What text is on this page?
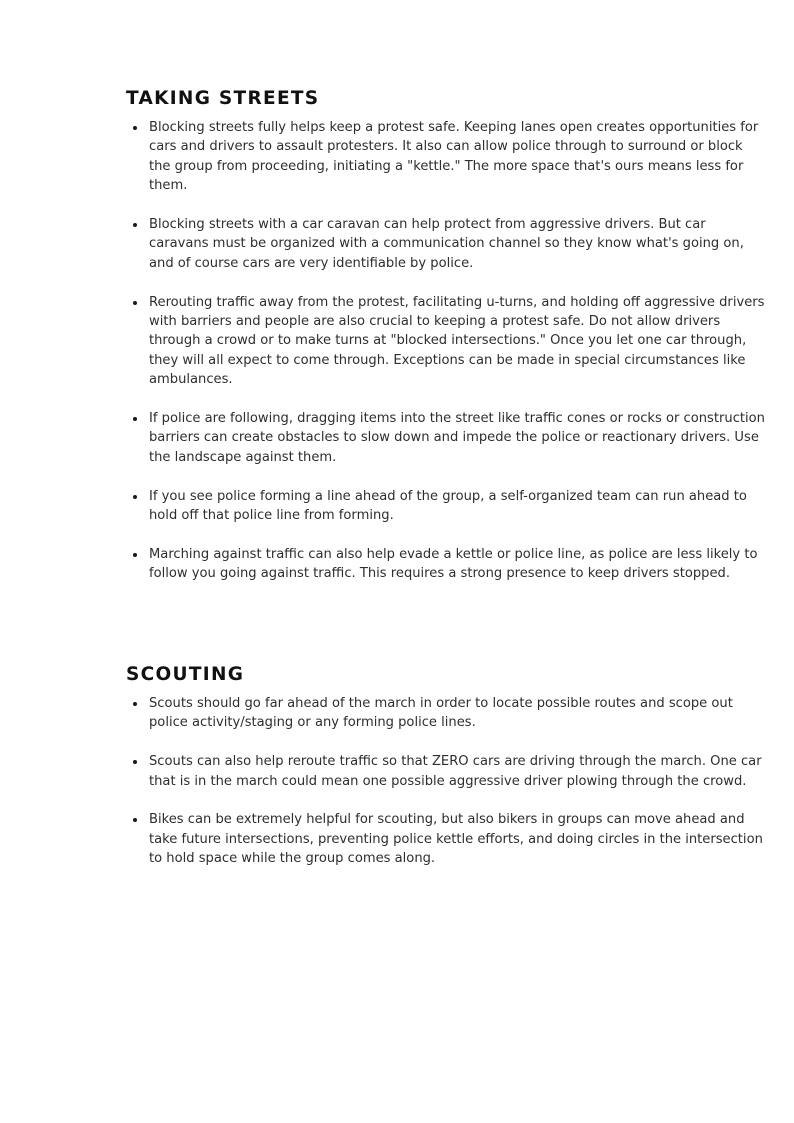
TAKING STREETS
Blocking streets fully helps keep a protest safe. Keeping lanes open creates opportunities for cars and drivers to assault protesters. It also can allow police through to surround or block the group from proceeding, initiating a "kettle." The more space that's ours means less for them.
Blocking streets with a car caravan can help protect from aggressive drivers. But car caravans must be organized with a communication channel so they know what's going on, and of course cars are very identifiable by police.
Rerouting traffic away from the protest, facilitating u-turns, and holding off aggressive drivers with barriers and people are also crucial to keeping a protest safe. Do not allow drivers through a crowd or to make turns at "blocked intersections." Once you let one car through, they will all expect to come through. Exceptions can be made in special circumstances like ambulances.
If police are following, dragging items into the street like traffic cones or rocks or construction barriers can create obstacles to slow down and impede the police or reactionary drivers. Use the landscape against them.
If you see police forming a line ahead of the group, a self-organized team can run ahead to hold off that police line from forming.
Marching against traffic can also help evade a kettle or police line, as police are less likely to follow you going against traffic. This requires a strong presence to keep drivers stopped.
SCOUTING
Scouts should go far ahead of the march in order to locate possible routes and scope out police activity/staging or any forming police lines.
Scouts can also help reroute traffic so that ZERO cars are driving through the march. One car that is in the march could mean one possible aggressive driver plowing through the crowd.
Bikes can be extremely helpful for scouting, but also bikers in groups can move ahead and take future intersections, preventing police kettle efforts, and doing circles in the intersection to hold space while the group comes along.
